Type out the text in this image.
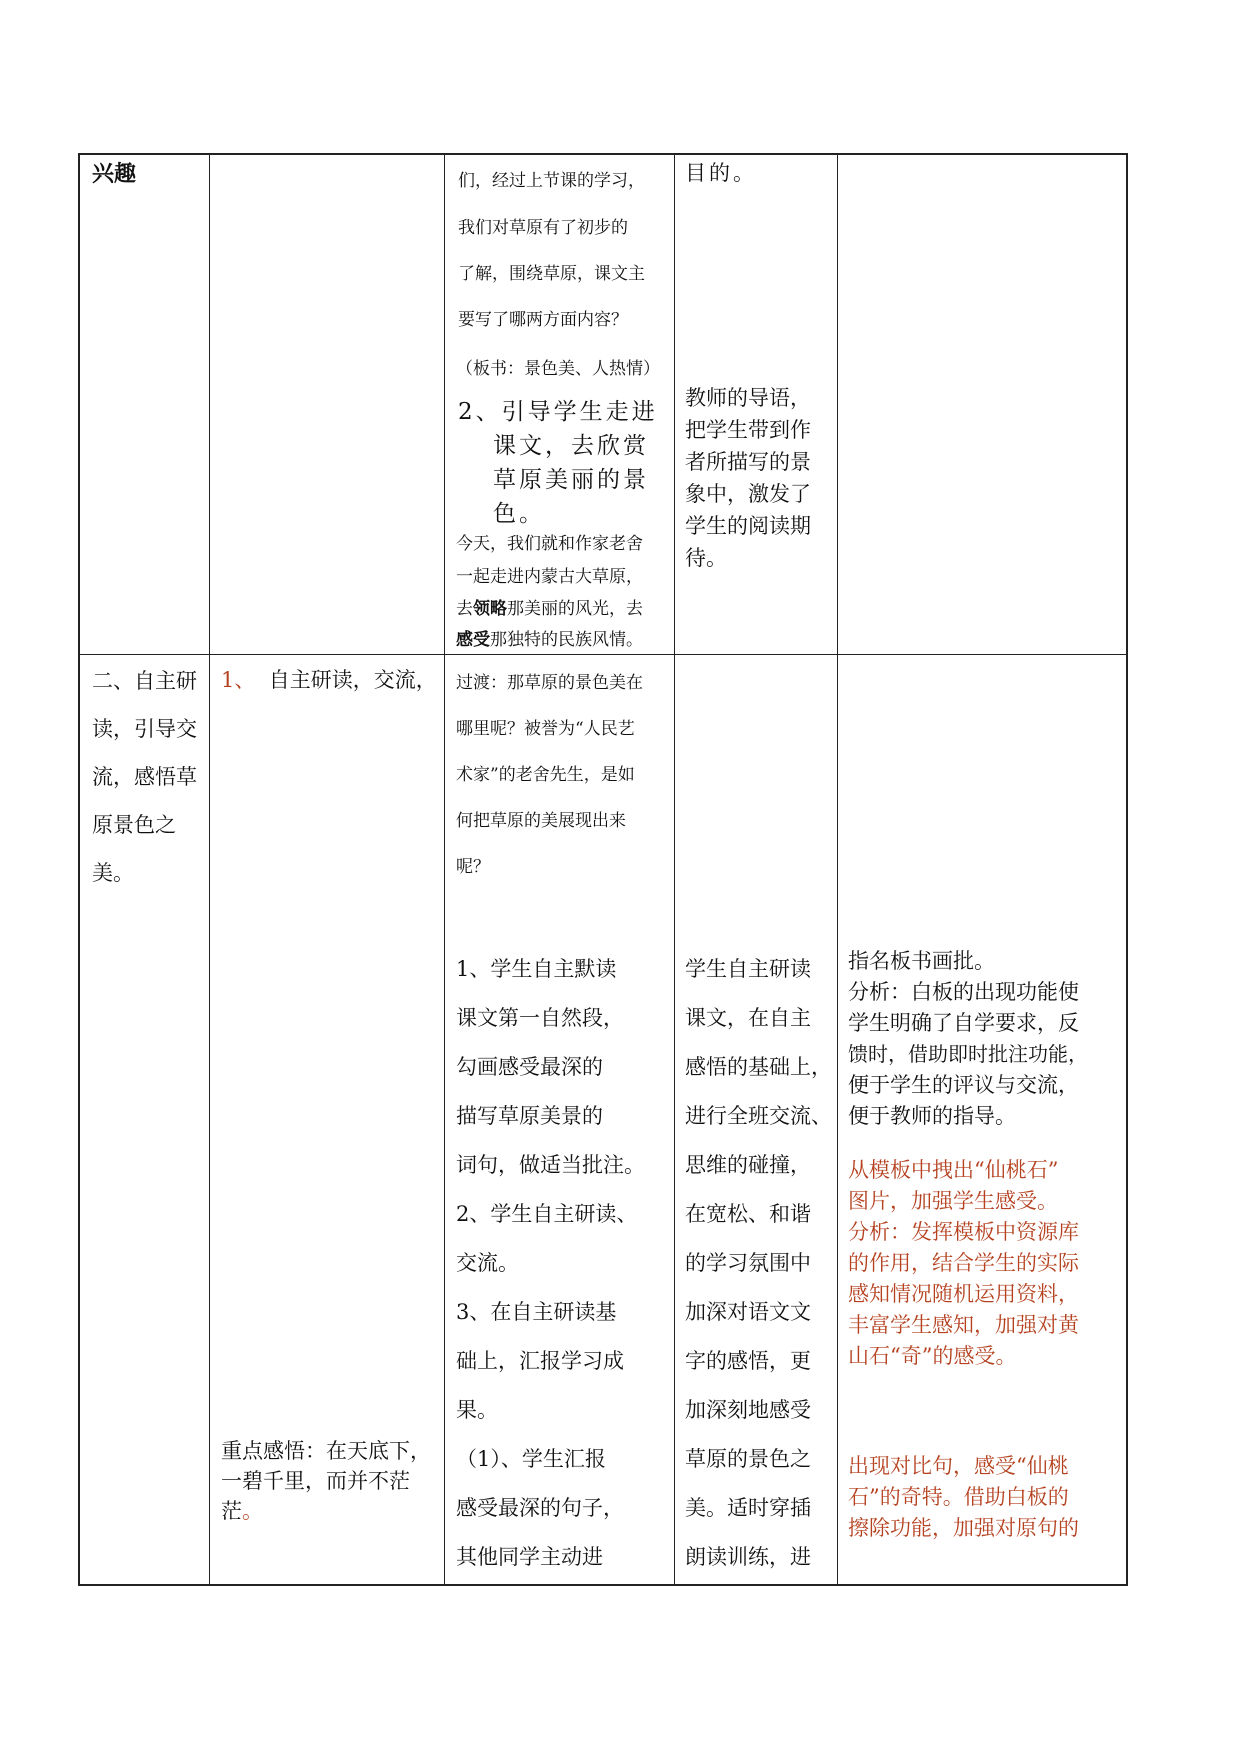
兴趣	们，经过上节课的学习，
我们对草原有了初步的
了解，围绕草原，课文主
要写了哪两方面内容？
（板书：景色美、人热情）
2、引导学生走进
课文，去欣赏
草原美丽的景
色。
今天，我们就和作家老舍
一起走进内蒙古大草原，
去领略那美丽的风光，去
感受那独特的民族风情。
目的。
教师的导语，
把学生带到作
者所描写的景
象中，激发了
学生的阅读期
待。
二、自主研
读，引导交
流，感悟草
原景色之
美。
1、 自主研读，交流，
重点感悟：在天底下，
一碧千里，而并不茫
茫。
过渡：那草原的景色美在
哪里呢？被誉为“人民艺
术家”的老舍先生，是如
何把草原的美展现出来
呢？
1、学生自主默读
课文第一自然段，
勾画感受最深的
描写草原美景的
词句，做适当批注。
2、学生自主研读、
交流。
3、在自主研读基
础上，汇报学习成
果。
（1）、学生汇报
感受最深的句子，
其他同学主动进
学生自主研读
课文，在自主
感悟的基础上，
进行全班交流、
思维的碰撞，
在宽松、和谐
的学习氛围中
加深对语文文
字的感悟，更
加深刻地感受
草原的景色之
美。适时穿插
朗读训练，进
指名板书画批。
分析：白板的出现功能使
学生明确了自学要求，反
馈时，借助即时批注功能，
便于学生的评议与交流，
便于教师的指导。
从模板中拽出“仙桃石”
图片，加强学生感受。
分析：发挥模板中资源库
的作用，结合学生的实际
感知情况随机运用资料，
丰富学生感知，加强对黄
山石“奇”的感受。
出现对比句，感受“仙桃
石”的奇特。借助白板的
擦除功能，加强对原句的
